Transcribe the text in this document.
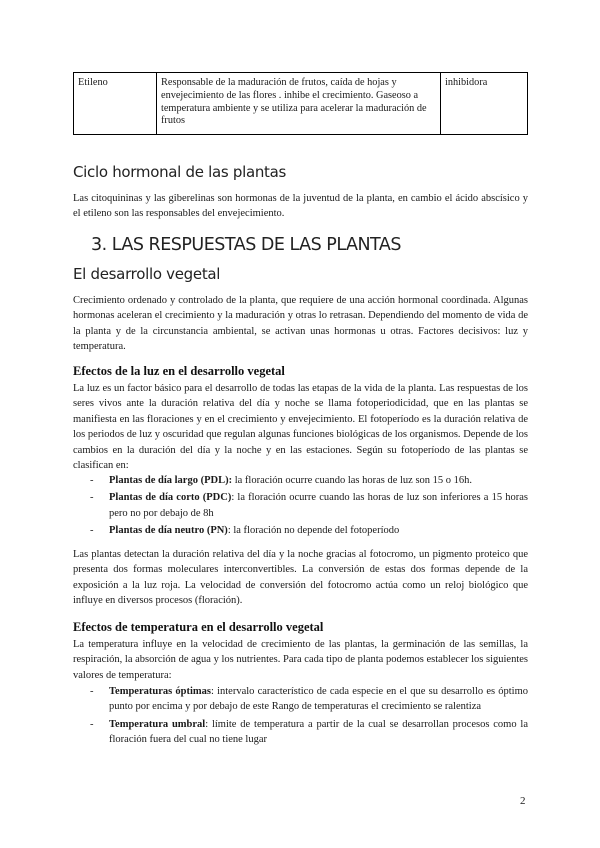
Etileno	Responsable de la maduración de frutos, caída de hojas y envejecimiento de las flores . inhibe el crecimiento. Gaseoso a temperatura ambiente y se utiliza para acelerar la maduración de frutos	inhibidora
Ciclo hormonal de las plantas

Las citoquininas y las giberelinas son hormonas de la juventud de la planta, en cambio el ácido abscísico y el etileno son las responsables del envejecimiento.

3. LAS RESPUESTAS DE LAS PLANTAS
El desarrollo vegetal

Crecimiento ordenado y controlado de la planta, que requiere de una acción hormonal coordinada. Algunas hormonas aceleran el crecimiento y la maduración y otras lo retrasan. Dependiendo del momento de vida de la planta y de la circunstancia ambiental, se activan unas hormonas u otras. Factores decisivos: luz y temperatura.

Efectos de la luz en el desarrollo vegetal

La luz es un factor básico para el desarrollo de todas las etapas de la vida de la planta. Las respuestas de los seres vivos ante la duración relativa del día y noche se llama fotoperiodicidad, que en las plantas se manifiesta en las floraciones y en el crecimiento y envejecimiento. El fotoperíodo es la duración relativa de los periodos de luz y oscuridad que regulan algunas funciones biológicas de los organismos. Depende de los cambios en la duración del día y la noche y en las estaciones. Según su fotoperíodo de las plantas se clasifican en:

- Plantas de día largo (PDL): la floración ocurre cuando las horas de luz son 15 o 16h.
- Plantas de día corto (PDC): la floración ocurre cuando las horas de luz son inferiores a 15 horas pero no por debajo de 8h
- Plantas de día neutro (PN): la floración no depende del fotoperíodo

Las plantas detectan la duración relativa del día y la noche gracias al fotocromo, un pigmento proteico que presenta dos formas moleculares interconvertibles. La conversión de estas dos formas depende de la exposición a la luz roja. La velocidad de conversión del fotocromo actúa como un reloj biológico que influye en diversos procesos (floración).

Efectos de temperatura en el desarrollo vegetal

La temperatura influye en la velocidad de crecimiento de las plantas, la germinación de las semillas, la respiración, la absorción de agua y los nutrientes. Para cada tipo de planta podemos establecer los siguientes valores de temperatura:

- Temperaturas óptimas: intervalo característico de cada especie en el que su desarrollo es óptimo punto por encima y por debajo de este Rango de temperaturas el crecimiento se ralentiza
- Temperatura umbral: límite de temperatura a partir de la cual se desarrollan procesos como la floración fuera del cual no tiene lugar
2
